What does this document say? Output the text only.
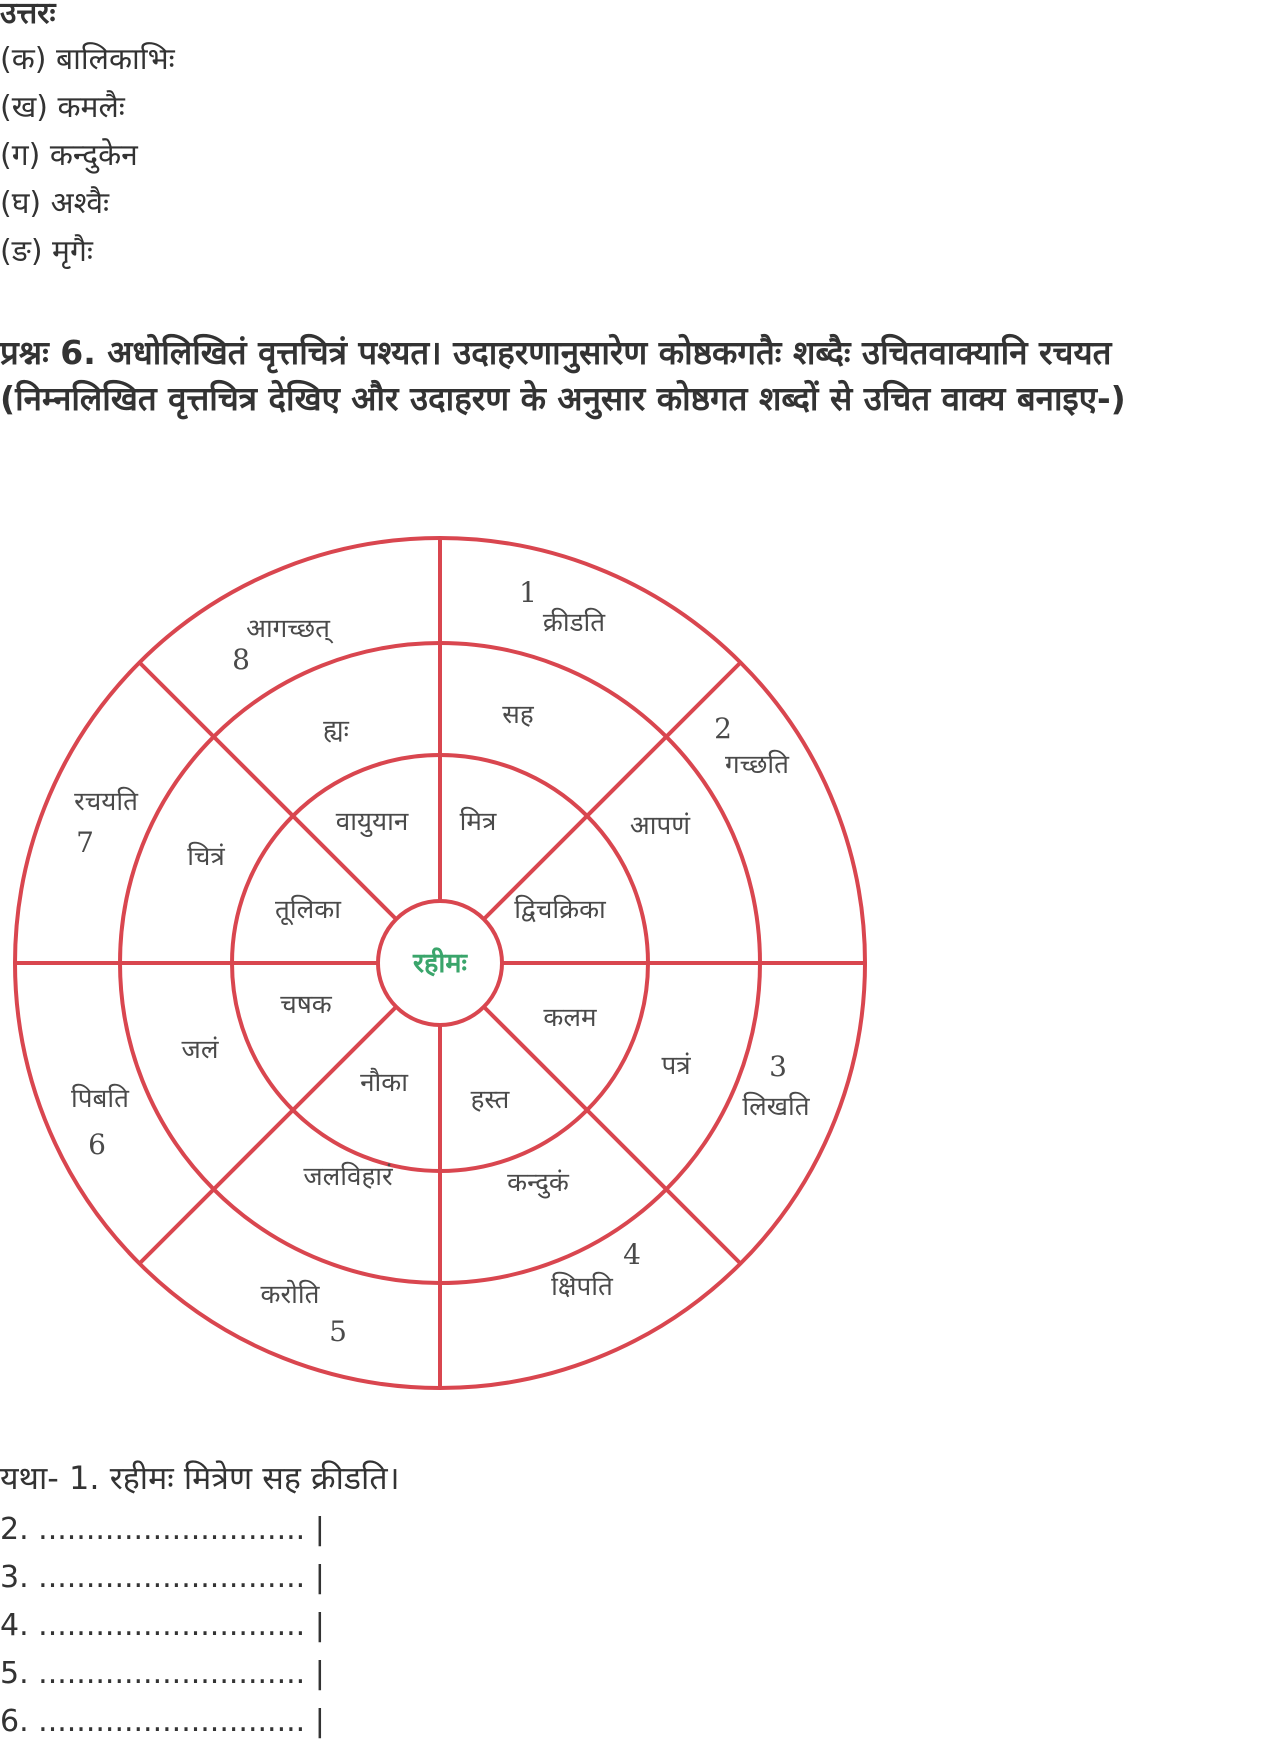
उत्तरः
(क) बालिकाभिः
(ख) कमलैः
(ग) कन्दुकेन
(घ) अश्वैः
(ङ) मृगैः
प्रश्नः 6. अधोलिखितं वृत्तचित्रं पश्यत। उदाहरणानुसारेण कोष्ठकगतैः शब्दैः उचितवाक्यानि रचयत (निम्नलिखित वृत्तचित्र देखिए और उदाहरण के अनुसार कोष्ठगत शब्दों से उचित वाक्य बनाइए-)
रहीमः
मित्र
द्विचक्रिका
कलम
हस्त
नौका
चषक
तूलिका
वायुयान
सह
आपणं
पत्रं
कन्दुकं
जलविहारं
जलं
चित्रं
ह्यः
क्रीडति
गच्छति
लिखति
क्षिपति
करोति
पिबति
रचयति
आगच्छत्
1
2
3
4
5
6
7
8
यथा- 1. रहीमः मित्रेण सह क्रीडति।
2. ............................ |
3. ............................ |
4. ............................ |
5. ............................ |
6. ............................ |
